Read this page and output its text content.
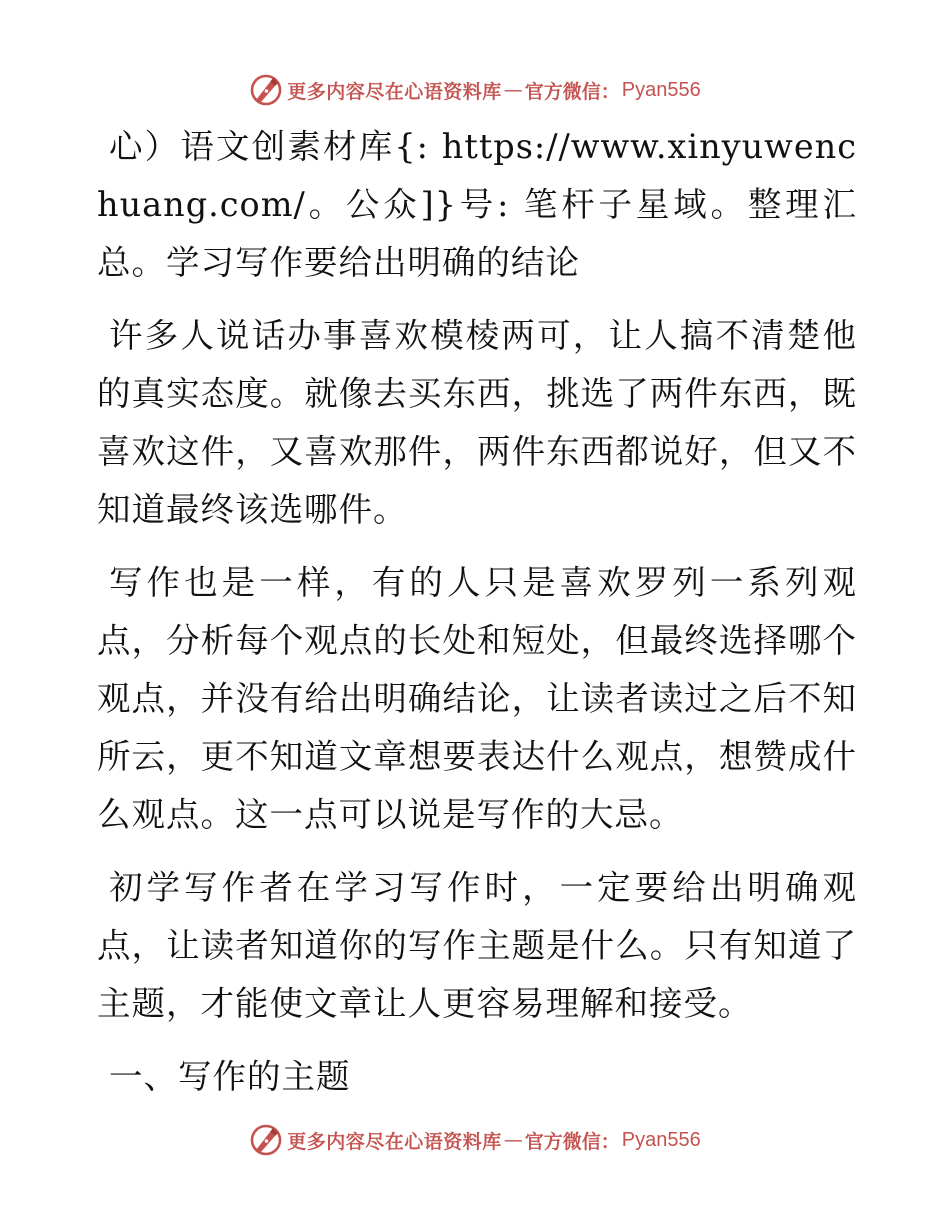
更多内容尽在心语资料库 — 官方微信： Pyan556

心）语文创素材库{: https://www.xinyuwenchuang.com/。公众]}号: 笔杆子星域。整理汇总。学习写作要给出明确的结论

许多人说话办事喜欢模棱两可，让人搞不清楚他的真实态度。就像去买东西，挑选了两件东西，既喜欢这件，又喜欢那件，两件东西都说好，但又不知道最终该选哪件。

写作也是一样，有的人只是喜欢罗列一系列观点，分析每个观点的长处和短处，但最终选择哪个观点，并没有给出明确结论，让读者读过之后不知所云，更不知道文章想要表达什么观点，想赞成什么观点。这一点可以说是写作的大忌。

初学写作者在学习写作时，一定要给出明确观点，让读者知道你的写作主题是什么。只有知道了主题，才能使文章让人更容易理解和接受。

一、写作的主题

更多内容尽在心语资料库 — 官方微信： Pyan556
